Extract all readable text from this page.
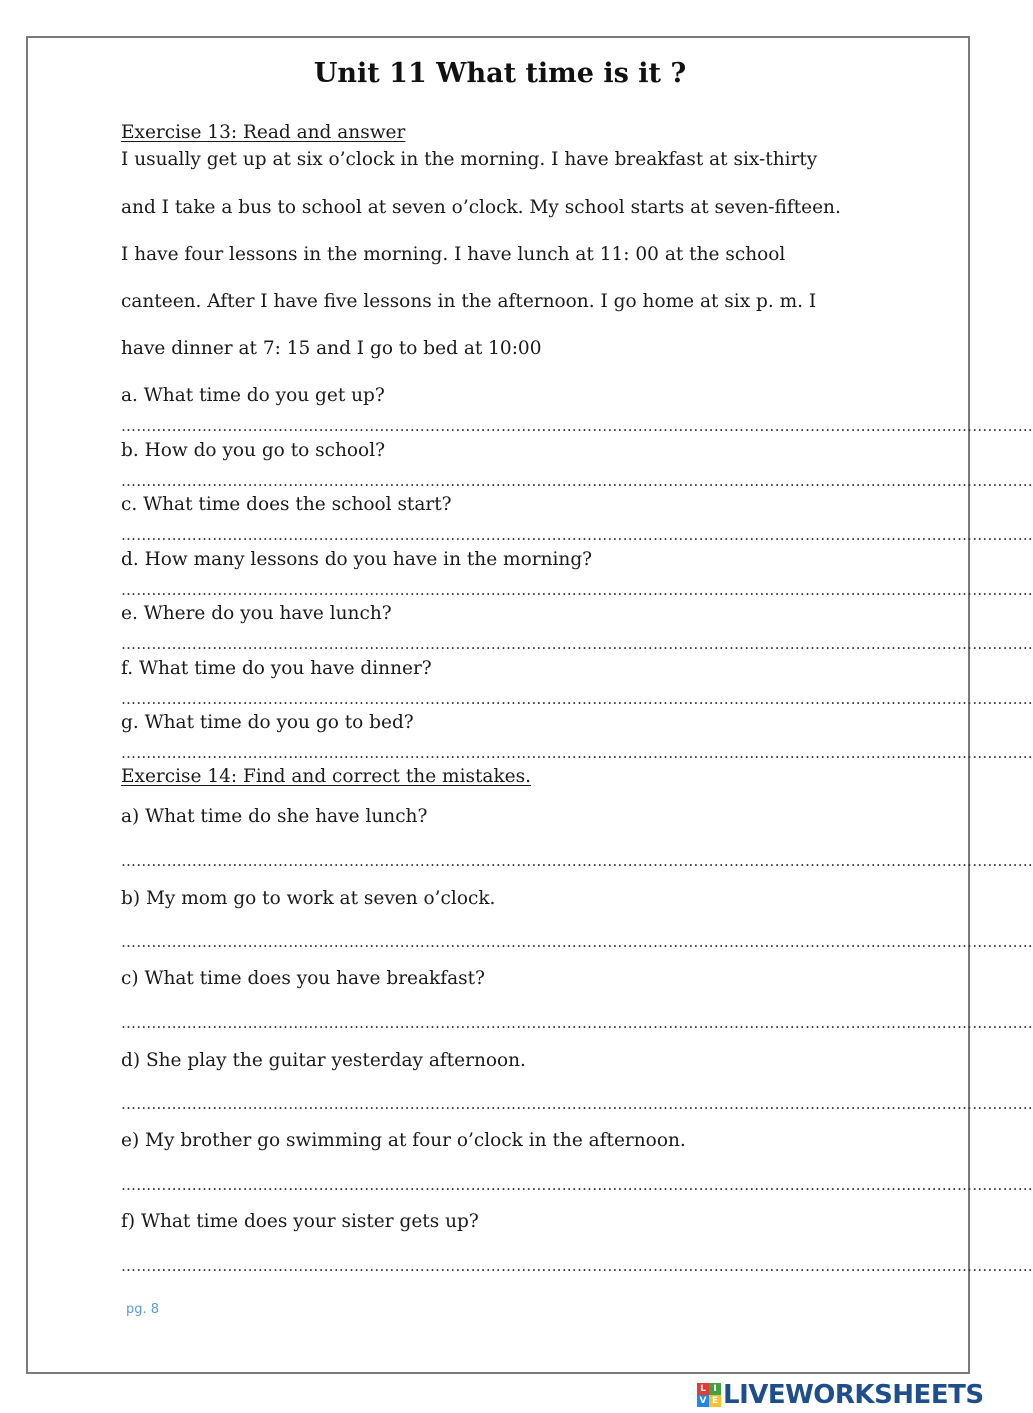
Unit 11 What time is it ?

Exercise 13: Read and answer

I usually get up at six o’clock in the morning. I have breakfast at six-thirty

and I take a bus to school at seven o’clock. My school starts at seven-fifteen.

I have four lessons in the morning. I have lunch at 11: 00 at the school

canteen. After I have five lessons in the afternoon. I go home at six p. m. I

have dinner at 7: 15 and I go to bed at 10:00

a. What time do you get up?

………………………………………………………………………………………………………………………………………………………………

b. How do you go to school?

………………………………………………………………………………………………………………………………………………………………

c. What time does the school start?

………………………………………………………………………………………………………………………………………………………………

d. How many lessons do you have in the morning?

………………………………………………………………………………………………………………………………………………………………

e. Where do you have lunch?

………………………………………………………………………………………………………………………………………………………………

f. What time do you have dinner?

………………………………………………………………………………………………………………………………………………………………

g. What time do you go to bed?

………………………………………………………………………………………………………………………………………………………………

Exercise 14: Find and correct the mistakes.

a) What time do she have lunch?

………………………………………………………………………………………………………………………………………………………………

b) My mom go to work at seven o’clock.

………………………………………………………………………………………………………………………………………………………………

c) What time does you have breakfast?

………………………………………………………………………………………………………………………………………………………………

d) She play the guitar yesterday afternoon.

………………………………………………………………………………………………………………………………………………………………

e) My brother go swimming at four o’clock in the afternoon.

………………………………………………………………………………………………………………………………………………………………

f) What time does your sister gets up?

………………………………………………………………………………………………………………………………………………………………
pg. 8
L I
V E LIVEWORKSHEETS
